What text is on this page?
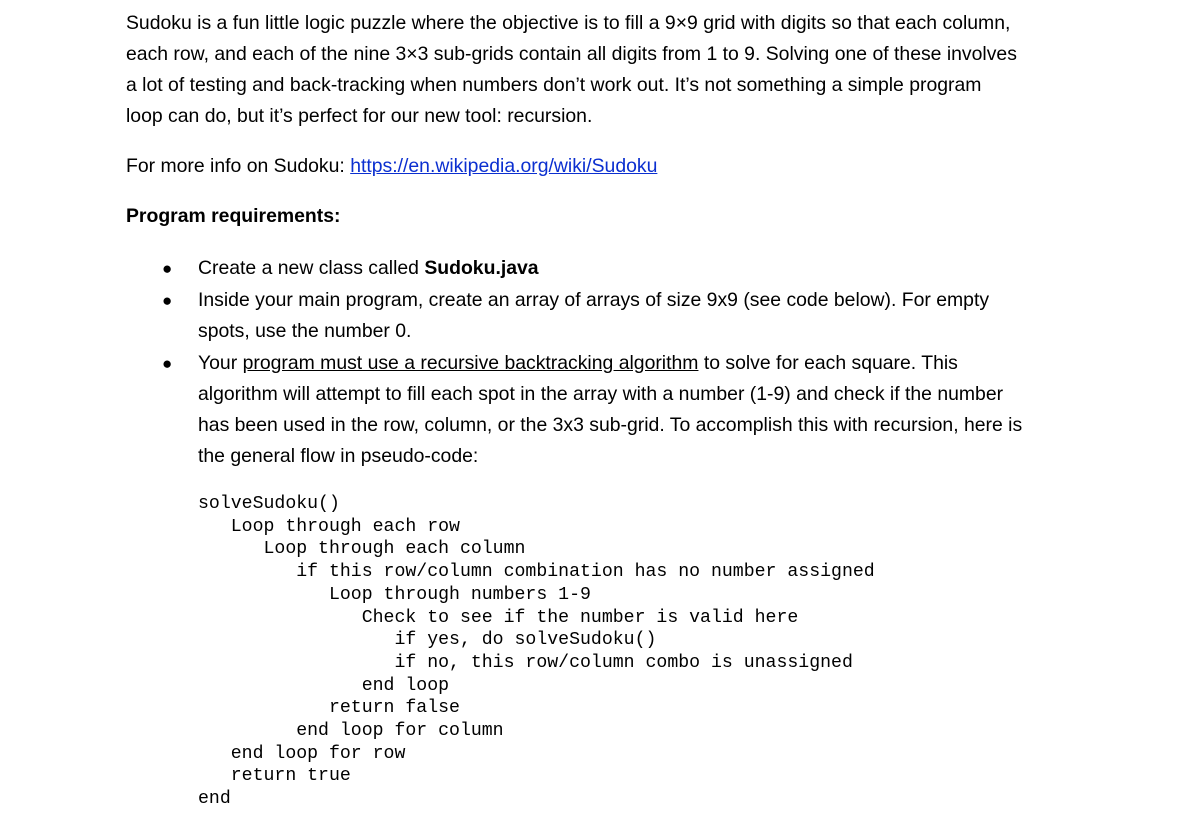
Sudoku is a fun little logic puzzle where the objective is to fill a 9×9 grid with digits so that each column,
each row, and each of the nine 3×3 sub-grids contain all digits from 1 to 9. Solving one of these involves
a lot of testing and back-tracking when numbers don’t work out. It’s not something a simple program
loop can do, but it’s perfect for our new tool: recursion.

For more info on Sudoku: https://en.wikipedia.org/wiki/Sudoku

Program requirements:

● Create a new class called Sudoku.java
● Inside your main program, create an array of arrays of size 9x9 (see code below). For empty
spots, use the number 0.
● Your program must use a recursive backtracking algorithm to solve for each square. This
algorithm will attempt to fill each spot in the array with a number (1-9) and check if the number
has been used in the row, column, or the 3x3 sub-grid. To accomplish this with recursion, here is
the general flow in pseudo-code:
solveSudoku()
Loop through each row
Loop through each column
if this row/column combination has no number assigned
Loop through numbers 1-9
Check to see if the number is valid here
if yes, do solveSudoku()
if no, this row/column combo is unassigned
end loop
return false
end loop for column
end loop for row
return true
end
